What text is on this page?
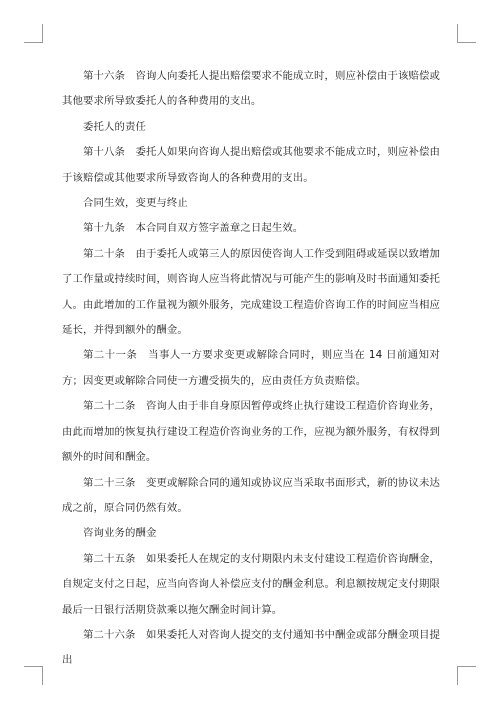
第十六条　咨询人向委托人提出赔偿要求不能成立时，则应补偿由于该赔偿或其他要求所导致委托人的各种费用的支出。

委托人的责任

第十八条　委托人如果向咨询人提出赔偿或其他要求不能成立时，则应补偿由于该赔偿或其他要求所导致咨询人的各种费用的支出。

合同生效，变更与终止

第十九条　本合同自双方签字盖章之日起生效。

第二十条　由于委托人或第三人的原因使咨询人工作受到阻碍或延误以致增加了工作量或持续时间，则咨询人应当将此情况与可能产生的影响及时书面通知委托人。由此增加的工作量视为额外服务，完成建设工程造价咨询工作的时间应当相应延长，并得到额外的酬金。

第二十一条　当事人一方要求变更或解除合同时，则应当在 14 日前通知对方；因变更或解除合同使一方遭受损失的，应由责任方负责赔偿。

第二十二条　咨询人由于非自身原因暂停或终止执行建设工程造价咨询业务，由此而增加的恢复执行建设工程造价咨询业务的工作，应视为额外服务，有权得到额外的时间和酬金。

第二十三条　变更或解除合同的通知或协议应当采取书面形式，新的协议未达成之前，原合同仍然有效。

咨询业务的酬金

第二十五条　如果委托人在规定的支付期限内未支付建设工程造价咨询酬金，自规定支付之日起，应当向咨询人补偿应支付的酬金利息。利息额按规定支付期限最后一日银行活期贷款乘以拖欠酬金时间计算。

第二十六条　如果委托人对咨询人提交的支付通知书中酬金或部分酬金项目提出
